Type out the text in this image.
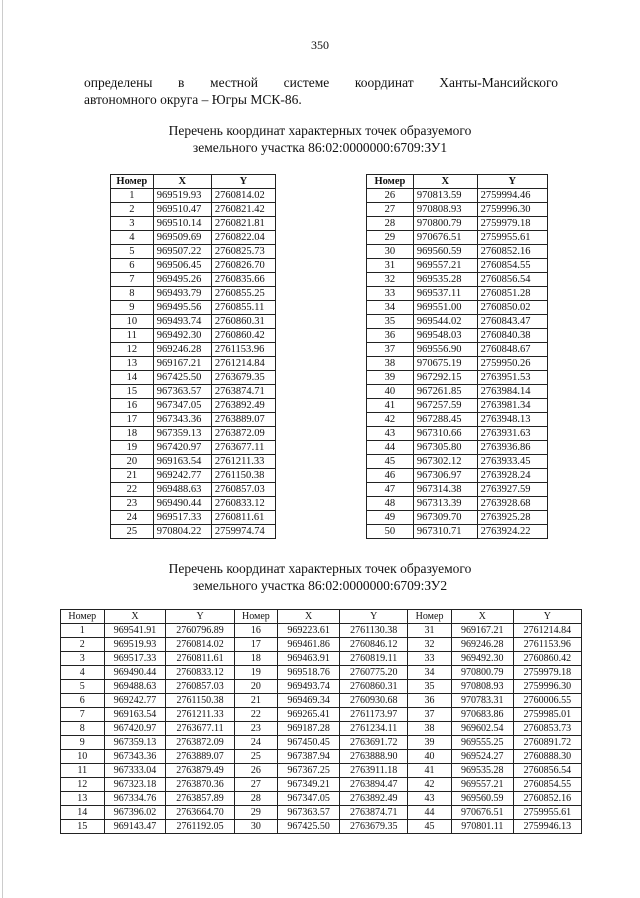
350
определены в местной системе координат Ханты-Мансийского
автономного округа – Югры МСК-86.
Перечень координат характерных точек образуемого
земельного участка 86:02:0000000:6709:ЗУ1
Номер	X	Y
1	969519.93	2760814.02
2	969510.47	2760821.42
3	969510.14	2760821.81
4	969509.69	2760822.04
5	969507.22	2760825.73
6	969506.45	2760826.70
7	969495.26	2760835.66
8	969493.79	2760855.25
9	969495.56	2760855.11
10	969493.74	2760860.31
11	969492.30	2760860.42
12	969246.28	2761153.96
13	969167.21	2761214.84
14	967425.50	2763679.35
15	967363.57	2763874.71
16	967347.05	2763892.49
17	967343.36	2763889.07
18	967359.13	2763872.09
19	967420.97	2763677.11
20	969163.54	2761211.33
21	969242.77	2761150.38
22	969488.63	2760857.03
23	969490.44	2760833.12
24	969517.33	2760811.61
25	970804.22	2759974.74
Номер	X	Y
26	970813.59	2759994.46
27	970808.93	2759996.30
28	970800.79	2759979.18
29	970676.51	2759955.61
30	969560.59	2760852.16
31	969557.21	2760854.55
32	969535.28	2760856.54
33	969537.11	2760851.28
34	969551.00	2760850.02
35	969544.02	2760843.47
36	969548.03	2760840.38
37	969556.90	2760848.67
38	970675.19	2759950.26
39	967292.15	2763951.53
40	967261.85	2763984.14
41	967257.59	2763981.34
42	967288.45	2763948.13
43	967310.66	2763931.63
44	967305.80	2763936.86
45	967302.12	2763933.45
46	967306.97	2763928.24
47	967314.38	2763927.59
48	967313.39	2763928.68
49	967309.70	2763925.28
50	967310.71	2763924.22
Перечень координат характерных точек образуемого
земельного участка 86:02:0000000:6709:ЗУ2
Номер	X	Y	Номер	X	Y	Номер	X	Y
1	969541.91	2760796.89	16	969223.61	2761130.38	31	969167.21	2761214.84
2	969519.93	2760814.02	17	969461.86	2760846.12	32	969246.28	2761153.96
3	969517.33	2760811.61	18	969463.91	2760819.11	33	969492.30	2760860.42
4	969490.44	2760833.12	19	969518.76	2760775.20	34	970800.79	2759979.18
5	969488.63	2760857.03	20	969493.74	2760860.31	35	970808.93	2759996.30
6	969242.77	2761150.38	21	969469.34	2760930.68	36	970783.31	2760006.55
7	969163.54	2761211.33	22	969265.41	2761173.97	37	970683.86	2759985.01
8	967420.97	2763677.11	23	969187.28	2761234.11	38	969602.54	2760853.73
9	967359.13	2763872.09	24	967450.45	2763691.72	39	969555.25	2760891.72
10	967343.36	2763889.07	25	967387.94	2763888.90	40	969524.27	2760888.30
11	967333.04	2763879.49	26	967367.25	2763911.18	41	969535.28	2760856.54
12	967323.18	2763870.36	27	967349.21	2763894.47	42	969557.21	2760854.55
13	967334.76	2763857.89	28	967347.05	2763892.49	43	969560.59	2760852.16
14	967396.02	2763664.70	29	967363.57	2763874.71	44	970676.51	2759955.61
15	969143.47	2761192.05	30	967425.50	2763679.35	45	970801.11	2759946.13
